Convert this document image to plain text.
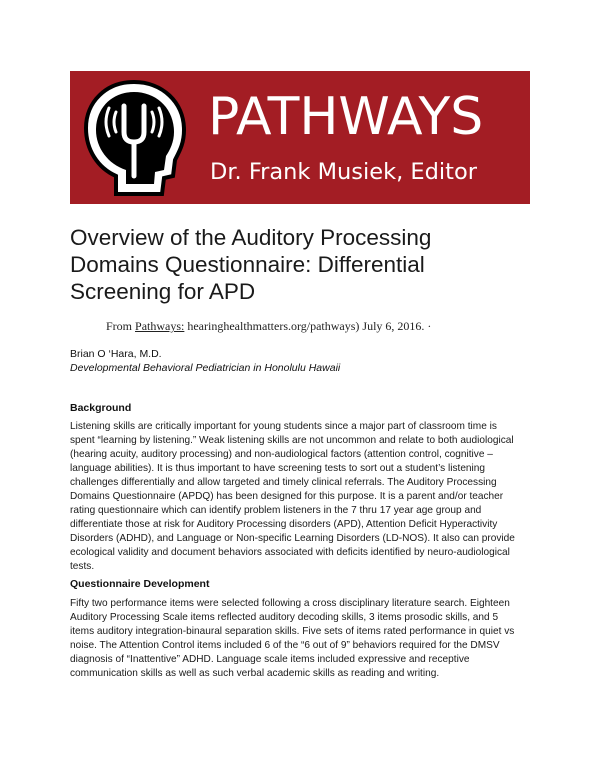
PATHWAYS
Dr. Frank Musiek, Editor
Overview of the Auditory Processing
Domains Questionnaire: Differential
Screening for APD
From Pathways: hearinghealthmatters.org/pathways) July 6, 2016. ·
Brian O ‘Hara, M.D.
Developmental Behavioral Pediatrician in Honolulu Hawaii
Background
Listening skills are critically important for young students since a major part of classroom time is
spent “learning by listening.” Weak listening skills are not uncommon and relate to both audiological
(hearing acuity, auditory processing) and non-audiological factors (attention control, cognitive –
language abilities). It is thus important to have screening tests to sort out a student’s listening
challenges differentially and allow targeted and timely clinical referrals. The Auditory Processing
Domains Questionnaire (APDQ) has been designed for this purpose. It is a parent and/or teacher
rating questionnaire which can identify problem listeners in the 7 thru 17 year age group and
differentiate those at risk for Auditory Processing disorders (APD), Attention Deficit Hyperactivity
Disorders (ADHD), and Language or Non-specific Learning Disorders (LD-NOS). It also can provide
ecological validity and document behaviors associated with deficits identified by neuro-audiological
tests.
Questionnaire Development
Fifty two performance items were selected following a cross disciplinary literature search. Eighteen
Auditory Processing Scale items reflected auditory decoding skills, 3 items prosodic skills, and 5
items auditory integration-binaural separation skills. Five sets of items rated performance in quiet vs
noise. The Attention Control items included 6 of the “6 out of 9” behaviors required for the DMSV
diagnosis of “Inattentive” ADHD. Language scale items included expressive and receptive
communication skills as well as such verbal academic skills as reading and writing.
